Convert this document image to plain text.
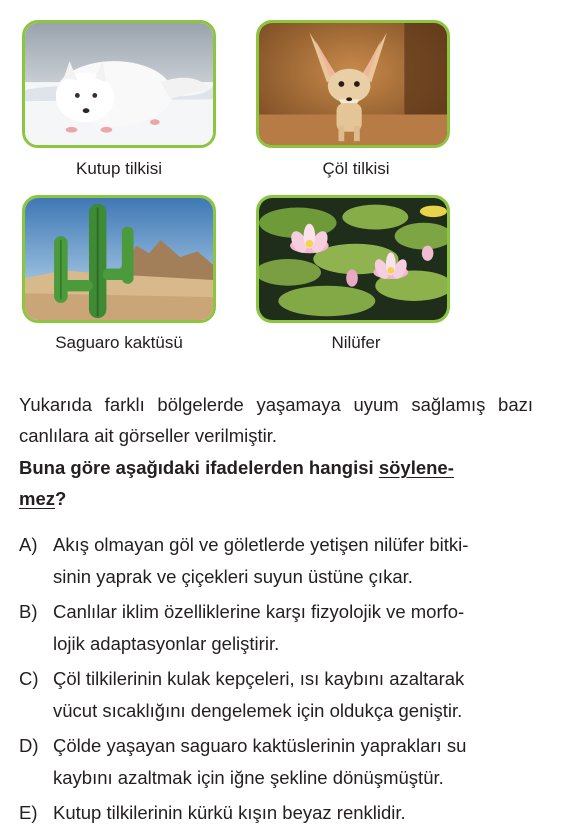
Kutup tilkisi	Çöl tilkisi
Saguaro kaktüsü	Nilüfer
Yukarıda farklı bölgelerde yaşamaya uyum sağlamış bazı canlılara ait görseller verilmiştir.
Buna göre aşağıdaki ifadelerden hangisi söylene-
mez?
A) Akış olmayan göl ve göletlerde yetişen nilüfer bitki-
sinin yaprak ve çiçekleri suyun üstüne çıkar.
B) Canlılar iklim özelliklerine karşı fizyolojik ve morfo-
lojik adaptasyonlar geliştirir.
C) Çöl tilkilerinin kulak kepçeleri, ısı kaybını azaltarak
vücut sıcaklığını dengelemek için oldukça geniştir.
D) Çölde yaşayan saguaro kaktüslerinin yaprakları su
kaybını azaltmak için iğne şekline dönüşmüştür.
E) Kutup tilkilerinin kürkü kışın beyaz renklidir.
